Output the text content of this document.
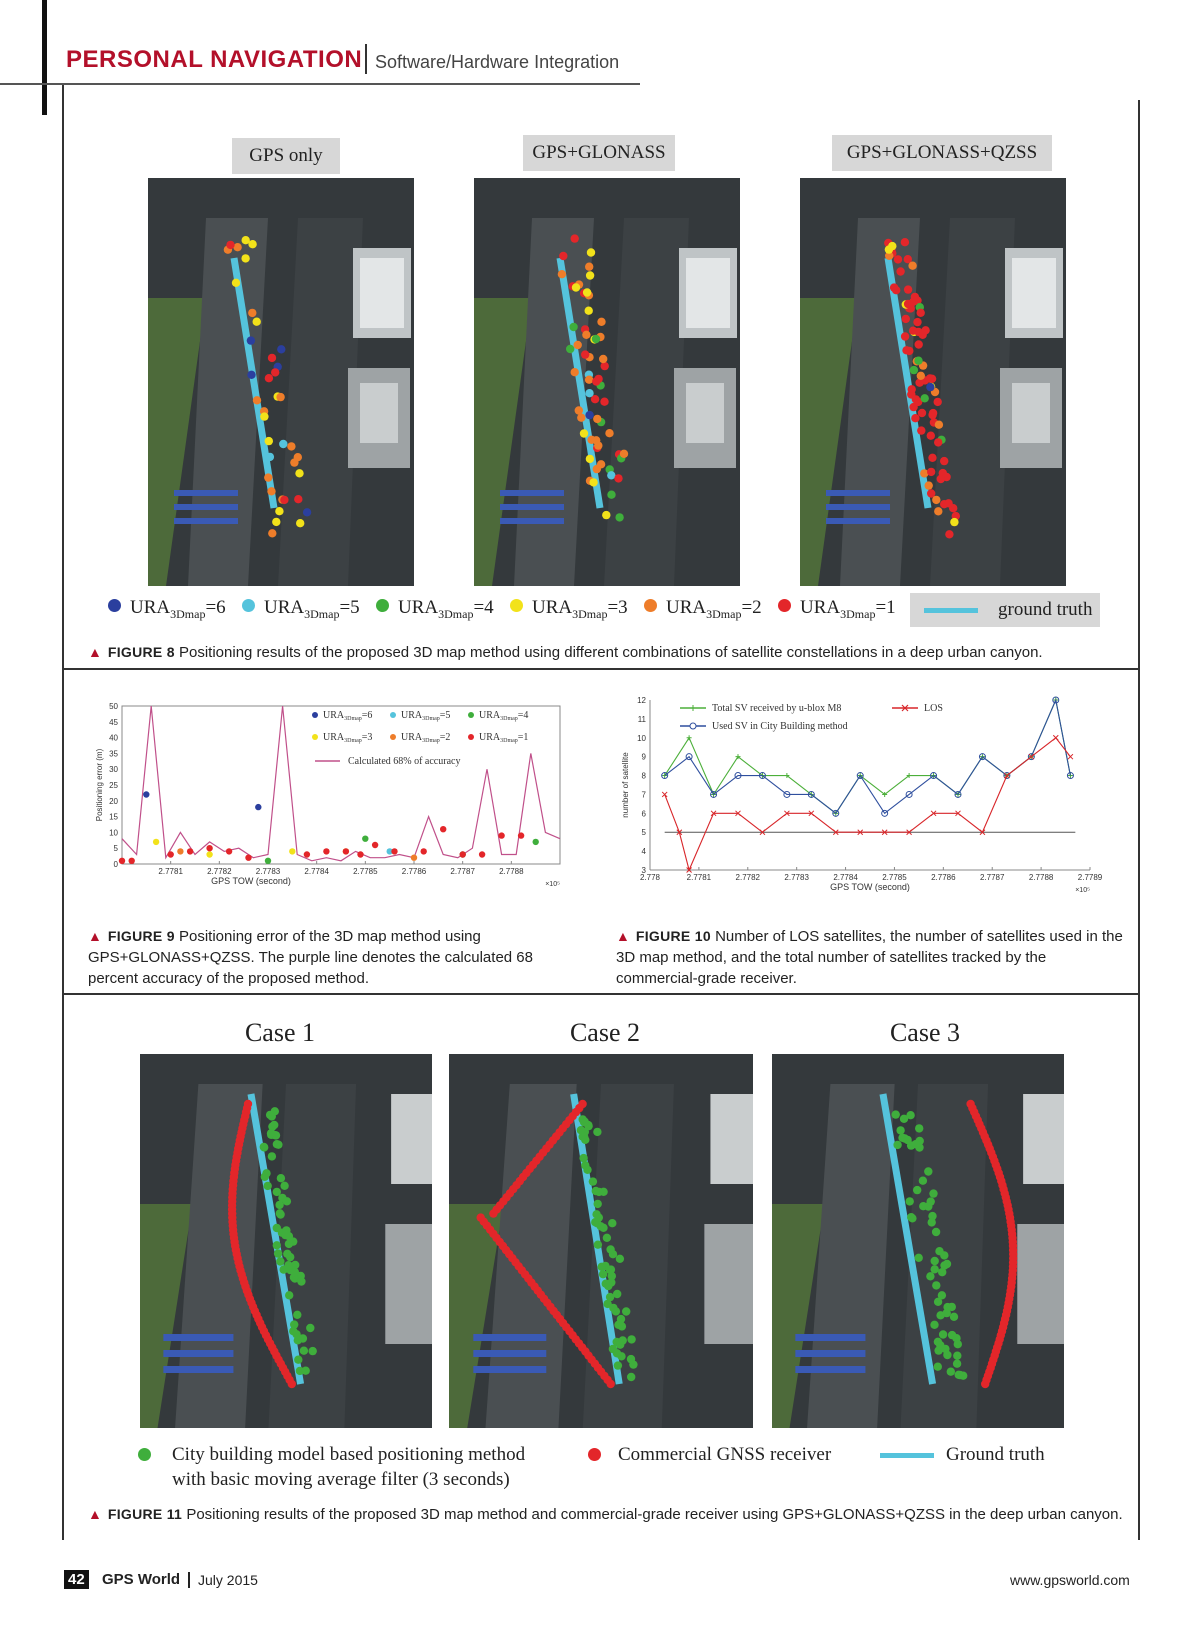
PERSONAL NAVIGATION Software/Hardware Integration
GPS only	GPS+GLONASS	GPS+GLONASS+QZSS
$URA_{3Dmap}=6$	$URA_{3Dmap}=5$	$URA_{3Dmap}=4$	$URA_{3Dmap}=3$	$URA_{3Dmap}=2$	$URA_{3Dmap}=1$	ground truth
▲ FIGURE 8 Positioning results of the proposed 3D map method using different combinations of satellite constellations in a deep urban canyon.
0
5
10
15
20
25
30
35
40
45
50
2.7781	2.7782	2.7783	2.7784	2.7785	2.7786	2.7787	2.7788
GPS TOW (second)	×10⁵
Positioning error (m)
$URA_{3Dmap}=6$	$URA_{3Dmap}=5$	$URA_{3Dmap}=4$
$URA_{3Dmap}=3$	$URA_{3Dmap}=2$	$URA_{3Dmap}=1$
Calculated 68% of accuracy
▲ FIGURE 9 Positioning error of the 3D map method using GPS+GLONASS+QZSS. The purple line denotes the calculated 68 percent accuracy of the proposed method.
3
4
5
6
7
8
9
10
11
12
2.778	2.7781	2.7782	2.7783	2.7784	2.7785	2.7786	2.7787	2.7788	2.7789
GPS TOW (second)	×10⁵
number of satellite
Total SV received by u-blox M8
Used SV in City Building method
LOS
▲ FIGURE 10 Number of LOS satellites, the number of satellites used in the 3D map method, and the total number of satellites tracked by the commercial-grade receiver.
Case 1	Case 2	Case 3
City building model based positioning method
with basic moving average filter (3 seconds)
Commercial GNSS receiver	Ground truth
▲ FIGURE 11 Positioning results of the proposed 3D map method and commercial-grade receiver using GPS+GLONASS+QZSS in the deep urban canyon.
42 GPS World July 2015	www.gpsworld.com
